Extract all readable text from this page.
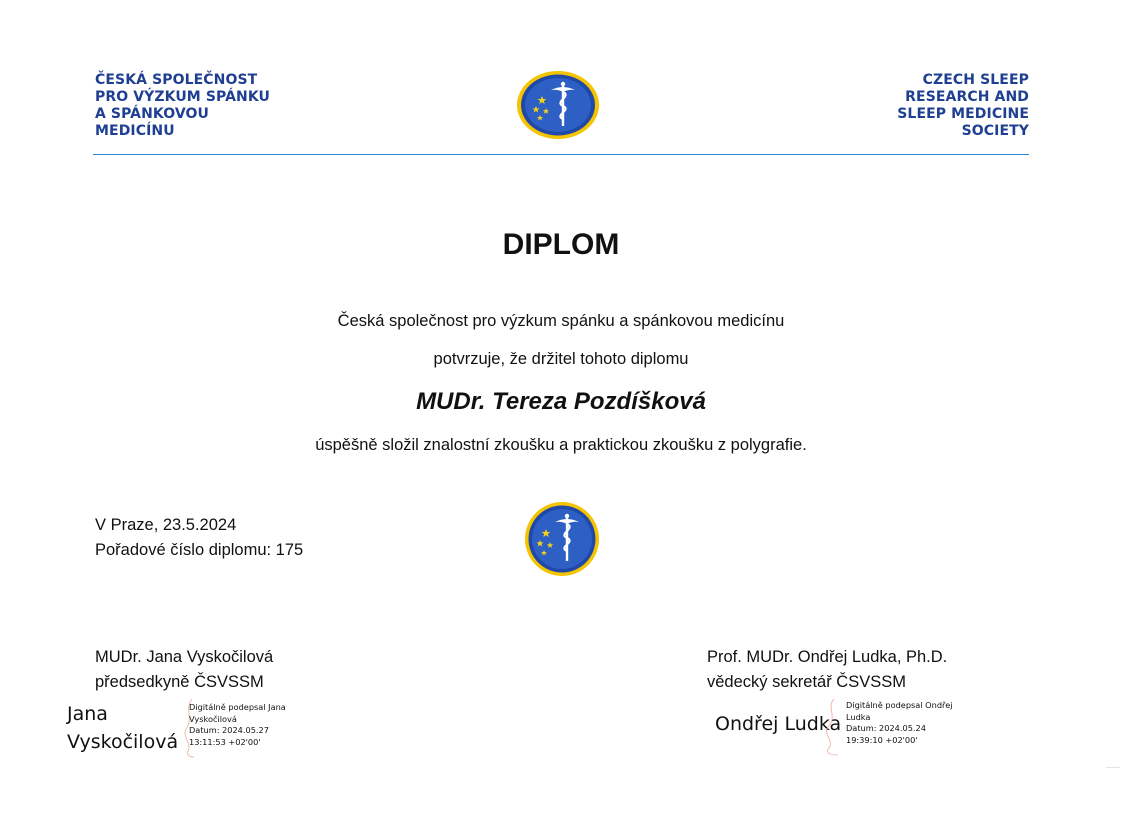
ČESKÁ SPOLEČNOST
PRO VÝZKUM SPÁNKU
A SPÁNKOVOU
MEDICÍNU
CZECH SLEEP
RESEARCH AND
SLEEP MEDICINE
SOCIETY
DIPLOM
Česká společnost pro výzkum spánku a spánkovou medicínu
potvrzuje, že držitel tohoto diplomu
MUDr. Tereza Pozdíšková
úspěšně složil znalostní zkoušku a praktickou zkoušku z polygrafie.
V Praze, 23.5.2024
Pořadové číslo diplomu: 175
MUDr. Jana Vyskočilová
předsedkyně ČSVSSM
Jana
Vyskočilová
Digitálně podepsal Jana
Vyskočilová
Datum: 2024.05.27
13:11:53 +02'00'
Prof. MUDr. Ondřej Ludka, Ph.D.
vědecký sekretář ČSVSSM
Ondřej Ludka
Digitálně podepsal Ondřej
Ludka
Datum: 2024.05.24
19:39:10 +02'00'
